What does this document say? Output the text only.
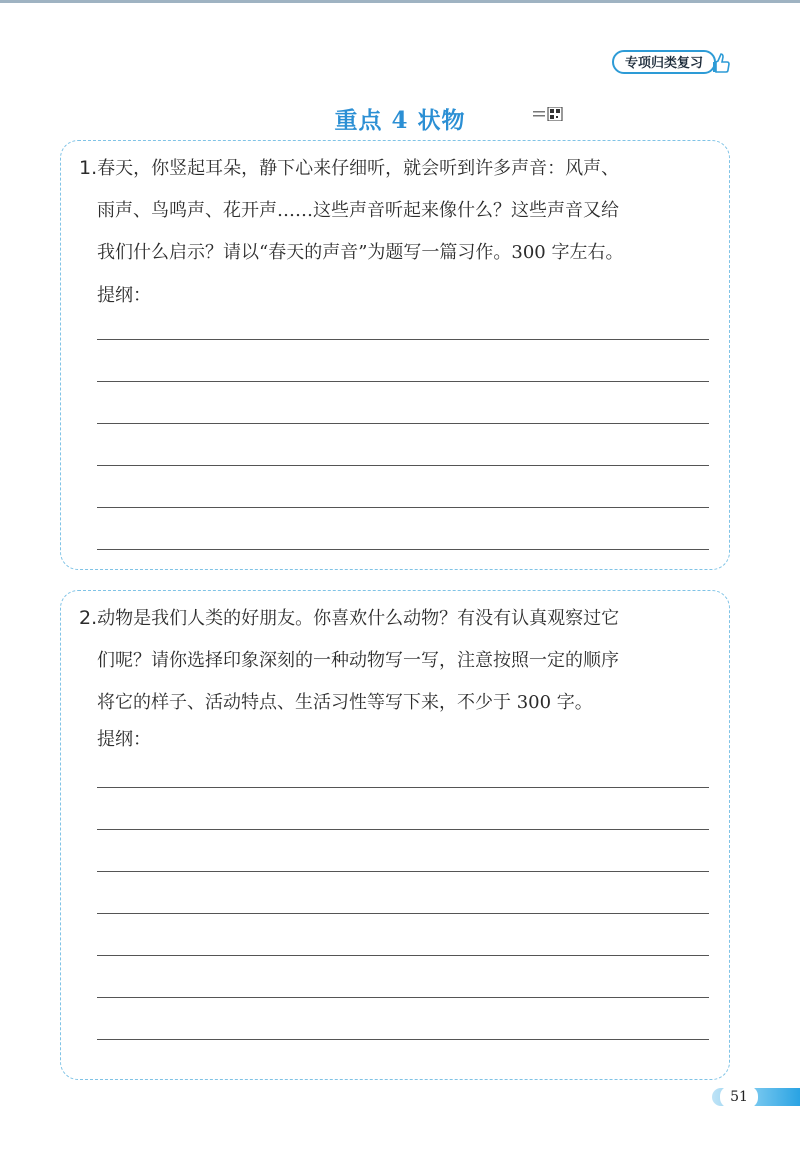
专项归类复习
重点 4 状物

1.春天，你竖起耳朵，静下心来仔细听，就会听到许多声音：风声、

雨声、鸟鸣声、花开声……这些声音听起来像什么？这些声音又给

我们什么启示？请以“春天的声音”为题写一篇习作。300 字左右。

提纲：

2.动物是我们人类的好朋友。你喜欢什么动物？有没有认真观察过它

们呢？请你选择印象深刻的一种动物写一写，注意按照一定的顺序

将它的样子、活动特点、生活习性等写下来，不少于 300 字。

提纲：
51
